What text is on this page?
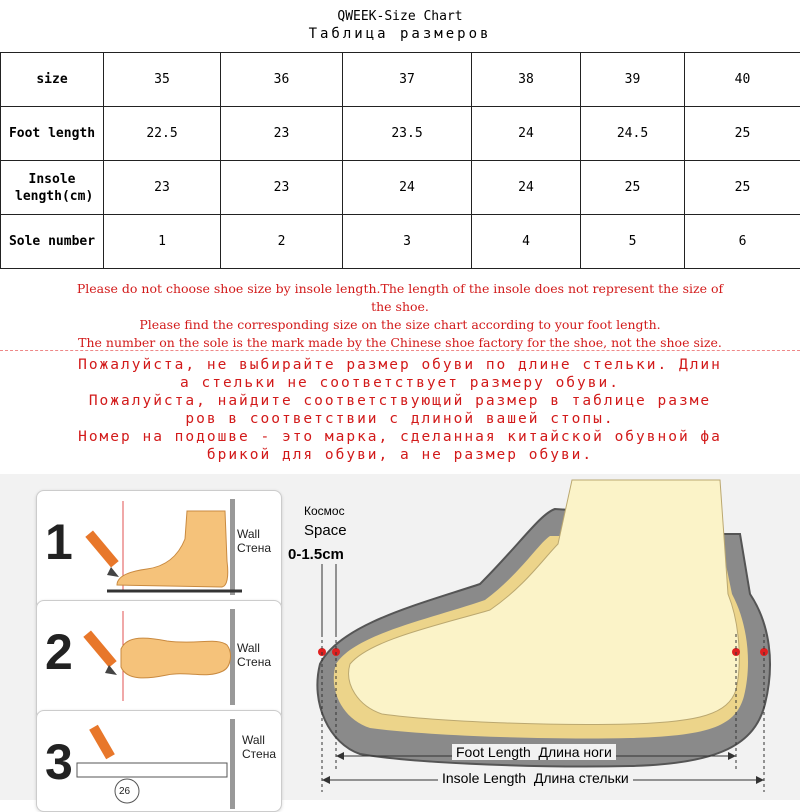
QWEEK-Size Chart
Таблица размеров
size	35	36	37	38	39	40
Foot length	22.5	23	23.5	24	24.5	25
Insole length(cm)	23	23	24	24	25	25
Sole number	1	2	3	4	5	6
Please do not choose shoe size by insole length.The length of the insole does not represent the size of
the shoe.
Please find the corresponding size on the size chart according to your foot length.
The number on the sole is the mark made by the Chinese shoe factory for the shoe, not the shoe size.
Пожалуйста, не выбирайте размер обуви по длине стельки. Длин
а стельки не соответствует размеру обуви.
Пожалуйста, найдите соответствующий размер в таблице разме
ров в соответствии с длиной вашей стопы.
Номер на подошве - это марка, сделанная китайской обувной фа
брикой для обуви, а не размер обуви.
1	Wall
Стена
2	Wall
Стена
3	Wall
Стена
26
Космос
Space
0-1.5cm
Foot Length Длина ноги
Insole Length Длина стельки
